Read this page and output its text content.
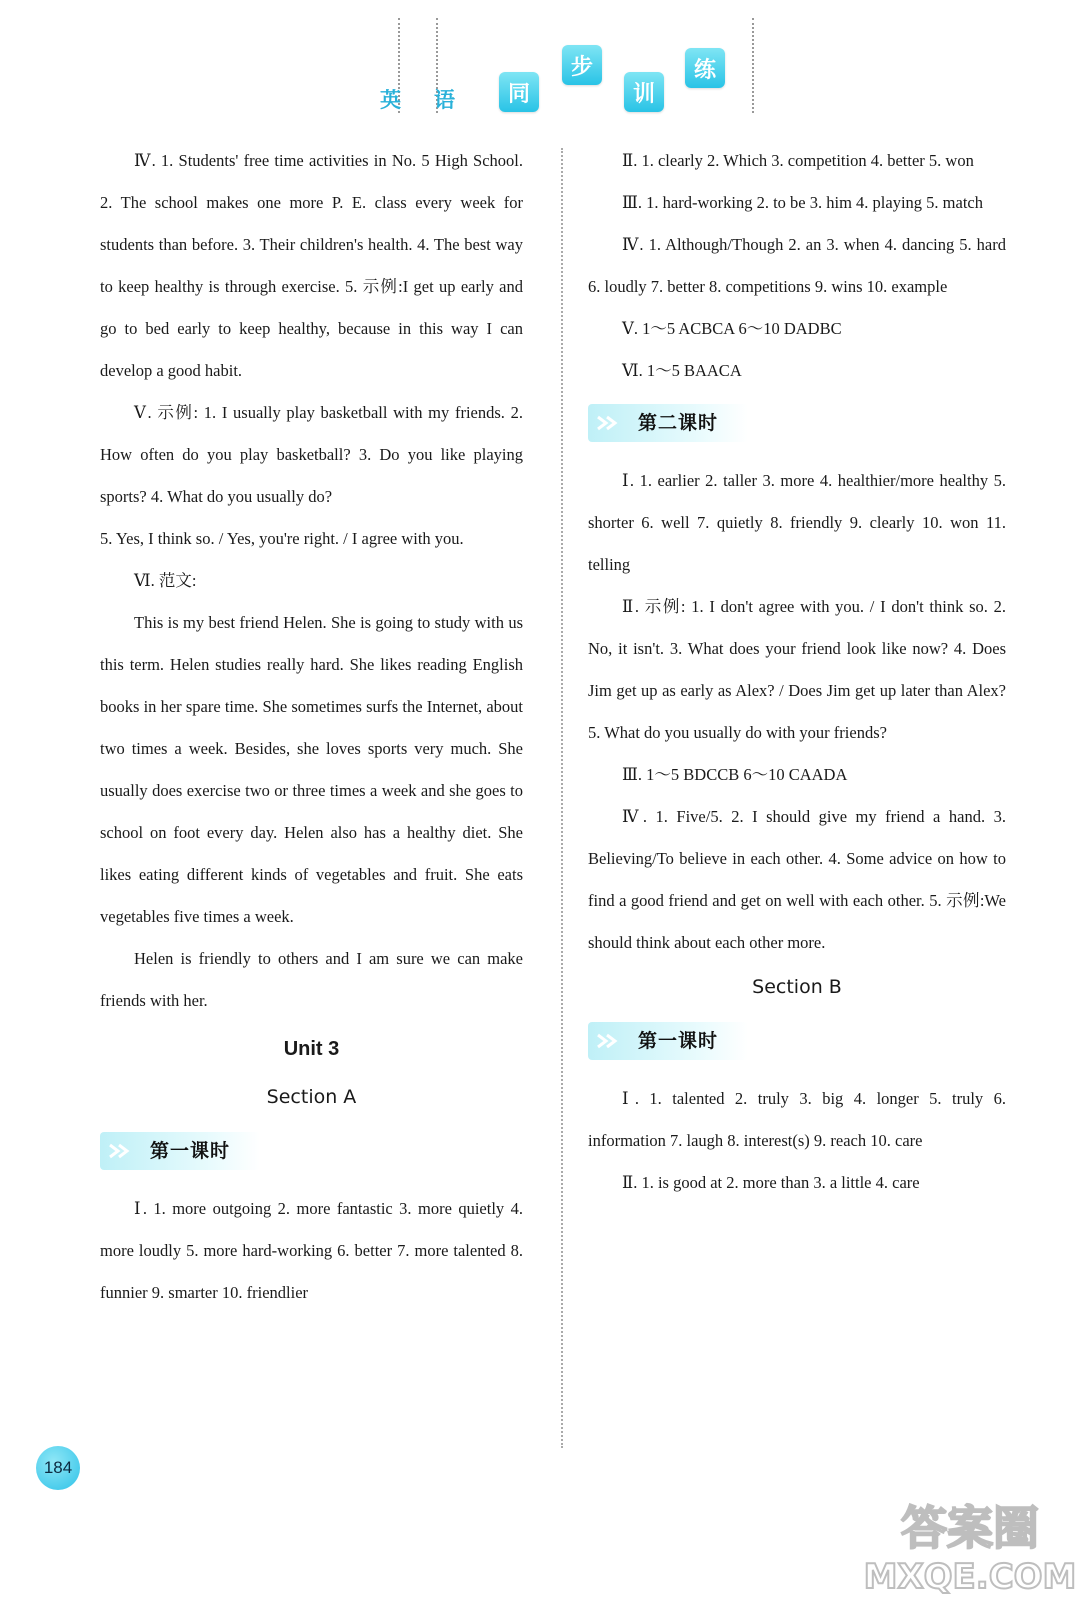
英 语	同
步
训
练

Ⅳ. 1. Students' free time activities in No. 5 High School. 2. The school makes one more P. E. class every week for students than before. 3. Their children's health. 4. The best way to keep healthy is through exercise. 5. 示例:I get up early and go to bed early to keep healthy, because in this way I can develop a good habit.

Ⅴ. 示例: 1. I usually play basketball with my friends. 2. How often do you play basketball? 3. Do you like playing sports? 4. What do you usually do?

5. Yes, I think so. / Yes, you're right. / I agree with you.

Ⅵ. 范文:

This is my best friend Helen. She is going to study with us this term. Helen studies really hard. She likes reading English books in her spare time. She sometimes surfs the Internet, about two times a week. Besides, she loves sports very much. She usually does exercise two or three times a week and she goes to school on foot every day. Helen also has a healthy diet. She likes eating different kinds of vegetables and fruit. She eats vegetables five times a week.

Helen is friendly to others and I am sure we can make friends with her.

Unit 3
Section A
第一课时

Ⅰ. 1. more outgoing 2. more fantastic 3. more quietly 4. more loudly 5. more hard-working 6. better 7. more talented 8. funnier 9. smarter 10. friendlier

Ⅱ. 1. clearly 2. Which 3. competition 4. better 5. won

Ⅲ. 1. hard-working 2. to be 3. him 4. playing 5. match

Ⅳ. 1. Although/Though 2. an 3. when 4. dancing 5. hard 6. loudly 7. better 8. competitions 9. wins 10. example

Ⅴ. 1～5 ACBCA 6～10 DADBC

Ⅵ. 1～5 BAACA

第二课时

Ⅰ. 1. earlier 2. taller 3. more 4. healthier/more healthy 5. shorter 6. well 7. quietly 8. friendly 9. clearly 10. won 11. telling

Ⅱ. 示例: 1. I don't agree with you. / I don't think so. 2. No, it isn't. 3. What does your friend look like now? 4. Does Jim get up as early as Alex? / Does Jim get up later than Alex? 5. What do you usually do with your friends?

Ⅲ. 1～5 BDCCB 6～10 CAADA

Ⅳ. 1. Five/5. 2. I should give my friend a hand. 3. Believing/To believe in each other. 4. Some advice on how to find a good friend and get on well with each other. 5. 示例:We should think about each other more.

Section B
第一课时

Ⅰ. 1. talented 2. truly 3. big 4. longer 5. truly 6. information 7. laugh 8. interest(s) 9. reach 10. care

Ⅱ. 1. is good at 2. more than 3. a little 4. care

184
答案圈
MXQE.COM
